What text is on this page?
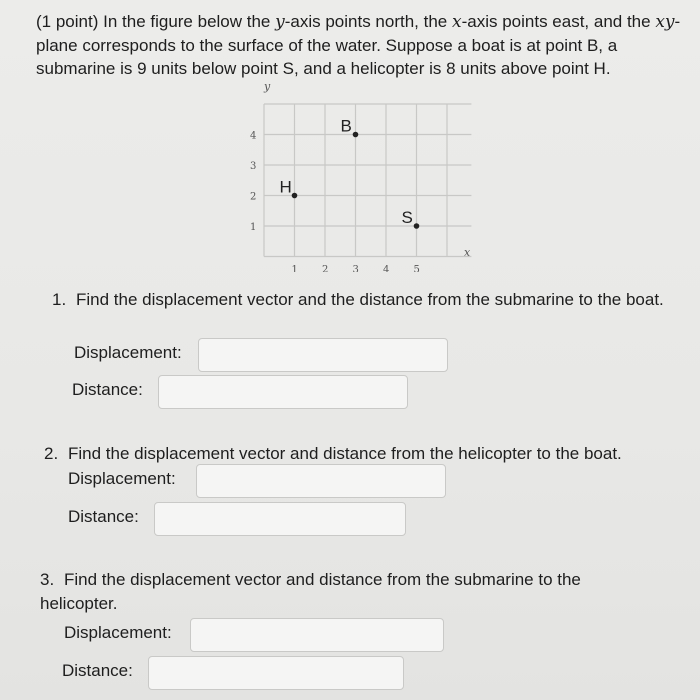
(1 point) In the figure below the y-axis points north, the x-axis points east, and the xy-plane corresponds to the surface of the water. Suppose a boat is at point B, a submarine is 9 units below point S, and a helicopter is 8 units above point H.
y
x
4
3
2
1
1 2 3 4 5
B
H
S
1. Find the displacement vector and the distance from the submarine to the boat.
Displacement:
Distance:
2. Find the displacement vector and distance from the helicopter to the boat.
Displacement:
Distance:
3. Find the displacement vector and distance from the submarine to the helicopter.
Displacement:
Distance:
